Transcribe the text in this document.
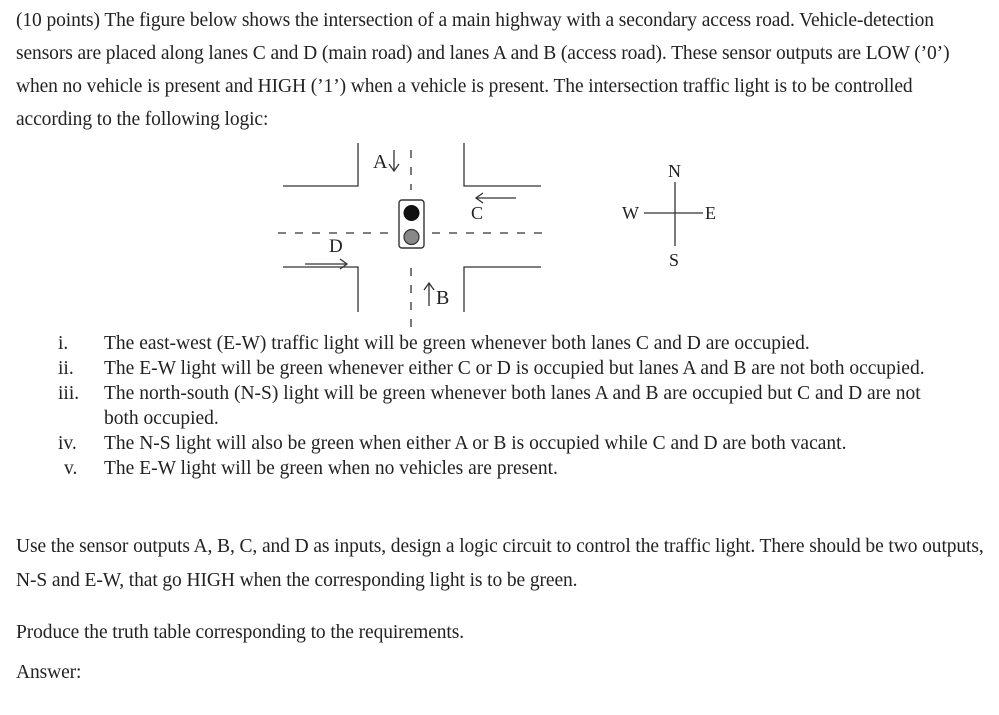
(10 points) The figure below shows the intersection of a main highway with a secondary access road. Vehicle-detection sensors are placed along lanes C and D (main road) and lanes A and B (access road). These sensor outputs are LOW (’0’) when no vehicle is present and HIGH (’1’) when a vehicle is present. The intersection traffic light is to be controlled according to the following logic:
A
B
C
D
N
S
E
W
i.	The east-west (E-W) traffic light will be green whenever both lanes C and D are occupied.
ii.	The E-W light will be green whenever either C or D is occupied but lanes A and B are not both occupied.
iii.	The north-south (N-S) light will be green whenever both lanes A and B are occupied but C and D are not both occupied.
iv.	The N-S light will also be green when either A or B is occupied while C and D are both vacant.
v.	The E-W light will be green when no vehicles are present.
Use the sensor outputs A, B, C, and D as inputs, design a logic circuit to control the traffic light. There should be two outputs, N-S and E-W, that go HIGH when the corresponding light is to be green.
Produce the truth table corresponding to the requirements.
Answer:
